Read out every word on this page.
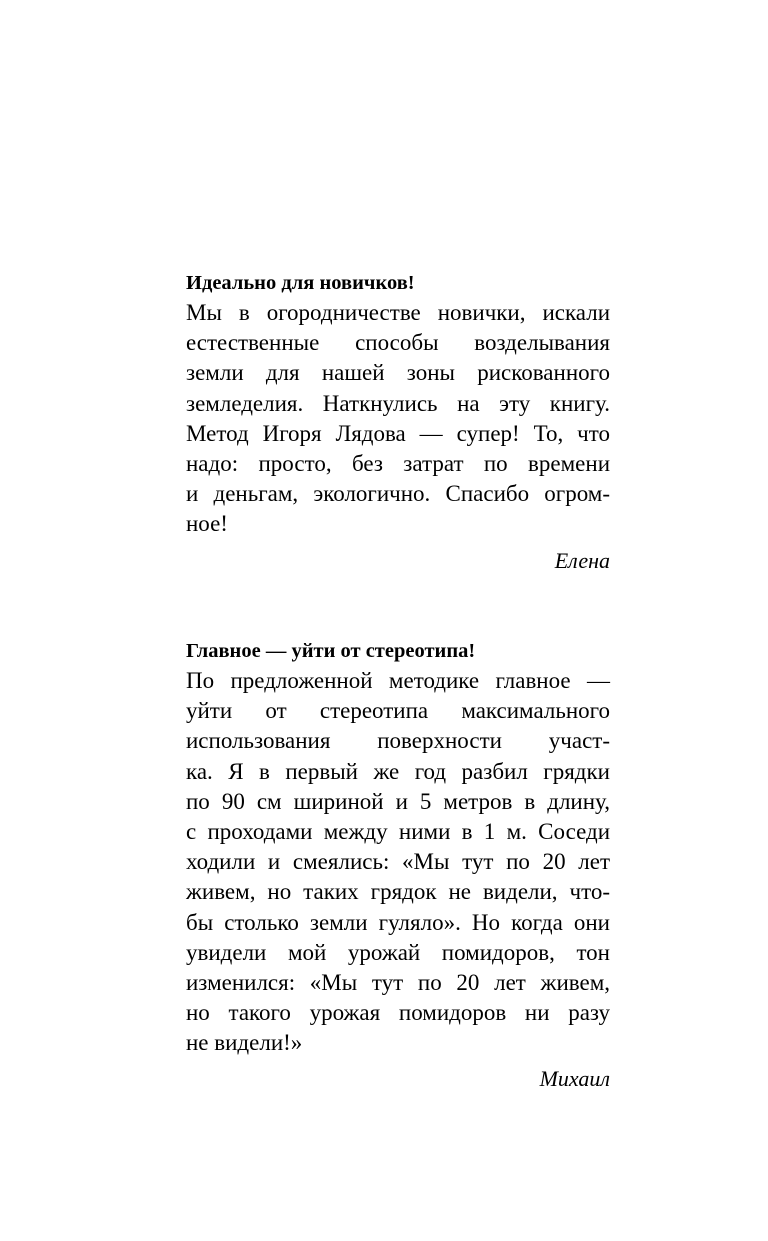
Идеально для новичков!
Мы в огородничестве новички, искали
естественные способы возделывания
земли для нашей зоны рискованного
земледелия. Наткнулись на эту книгу.
Метод Игоря Лядова — супер! То, что
надо: просто, без затрат по времени
и деньгам, экологично. Спасибо огром-
ное!
Елена
Главное — уйти от стереотипа!
По предложенной методике главное —
уйти от стереотипа максимального
использования поверхности участ-
ка. Я в первый же год разбил грядки
по 90 см шириной и 5 метров в длину,
с проходами между ними в 1 м. Соседи
ходили и смеялись: «Мы тут по 20 лет
живем, но таких грядок не видели, что-
бы столько земли гуляло». Но когда они
увидели мой урожай помидоров, тон
изменился: «Мы тут по 20 лет живем,
но такого урожая помидоров ни разу
не видели!»
Михаил
